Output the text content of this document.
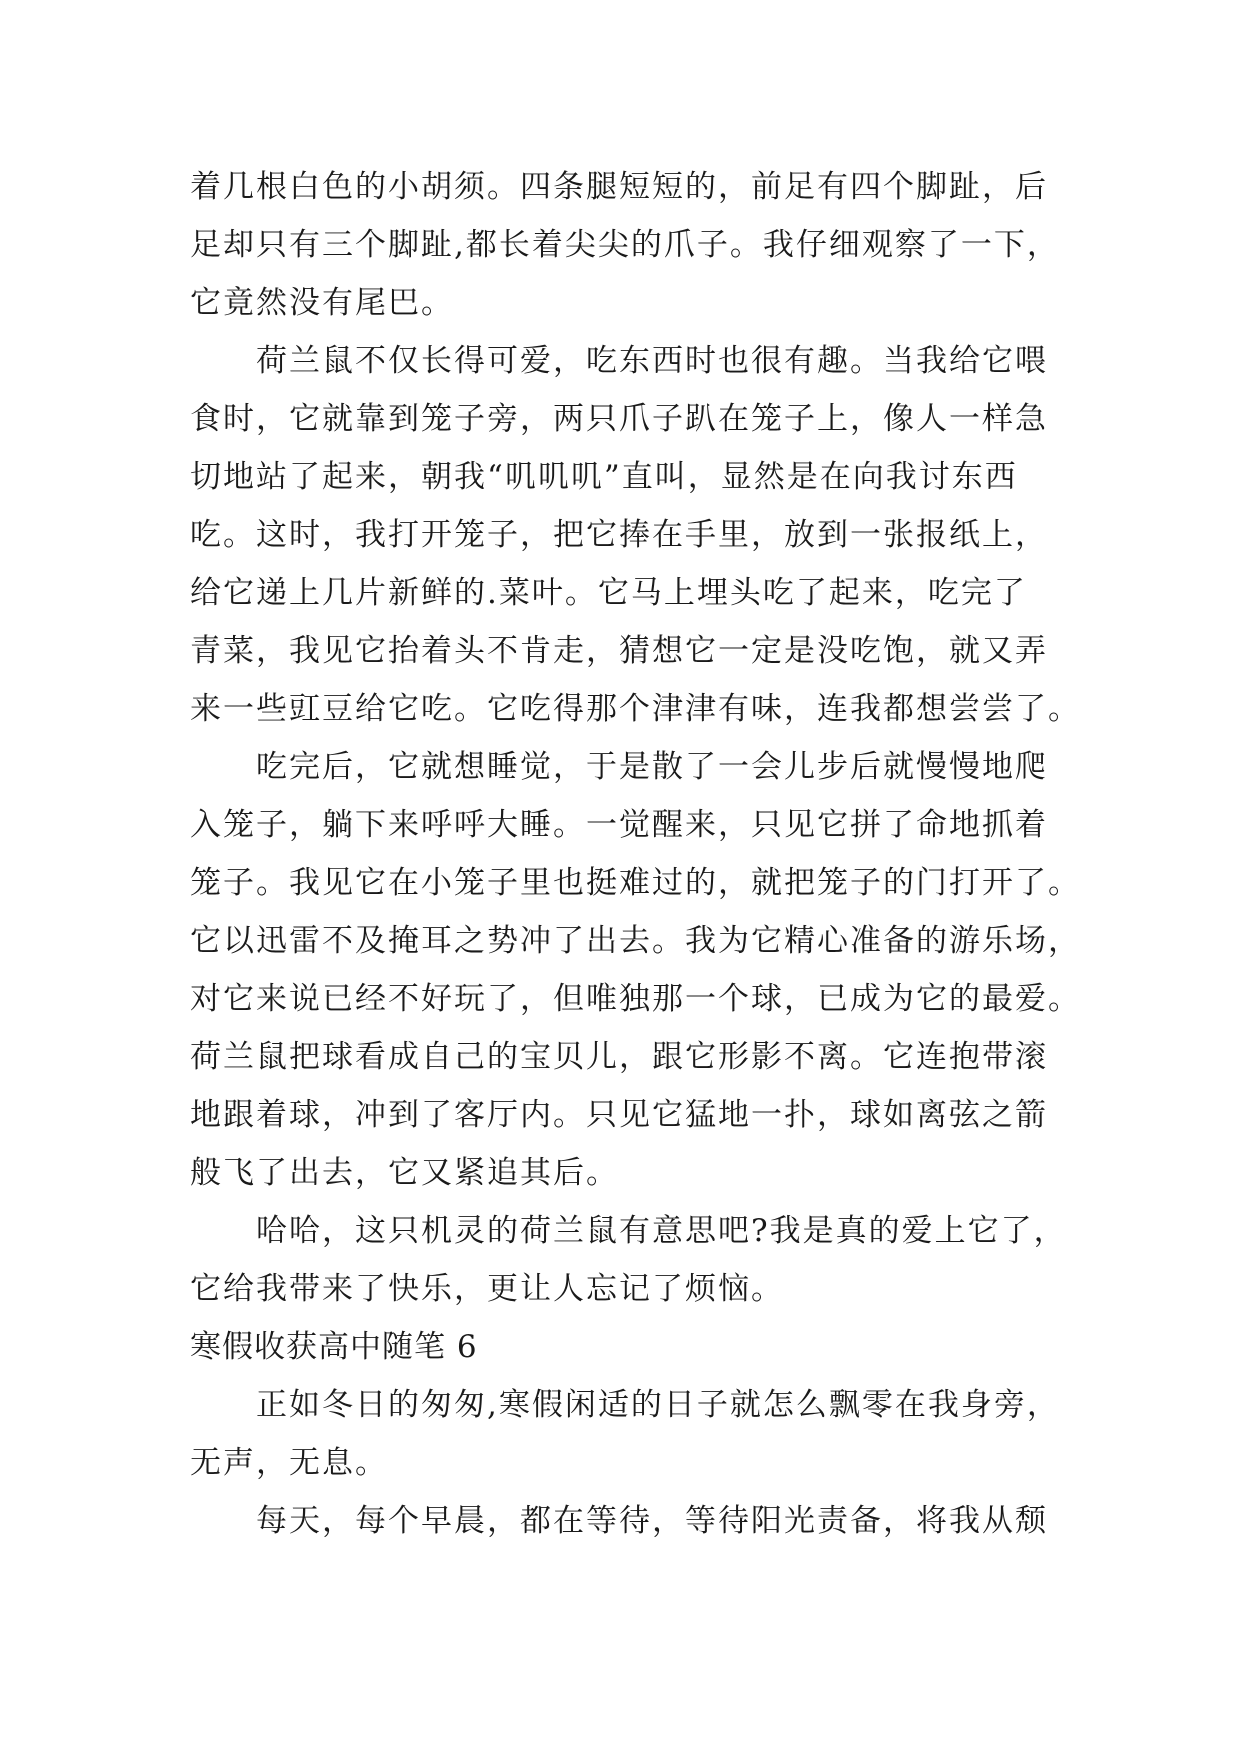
着几根白色的小胡须。四条腿短短的，前足有四个脚趾，后
足却只有三个脚趾,都长着尖尖的爪子。我仔细观察了一下，
它竟然没有尾巴。
荷兰鼠不仅长得可爱，吃东西时也很有趣。当我给它喂
食时，它就靠到笼子旁，两只爪子趴在笼子上，像人一样急
切地站了起来，朝我“叽叽叽”直叫，显然是在向我讨东西
吃。这时，我打开笼子，把它捧在手里，放到一张报纸上，
给它递上几片新鲜的.菜叶。它马上埋头吃了起来，吃完了
青菜，我见它抬着头不肯走，猜想它一定是没吃饱，就又弄
来一些豇豆给它吃。它吃得那个津津有味，连我都想尝尝了。
吃完后，它就想睡觉，于是散了一会儿步后就慢慢地爬
入笼子，躺下来呼呼大睡。一觉醒来，只见它拼了命地抓着
笼子。我见它在小笼子里也挺难过的，就把笼子的门打开了。
它以迅雷不及掩耳之势冲了出去。我为它精心准备的游乐场，
对它来说已经不好玩了，但唯独那一个球，已成为它的最爱。
荷兰鼠把球看成自己的宝贝儿，跟它形影不离。它连抱带滚
地跟着球，冲到了客厅内。只见它猛地一扑，球如离弦之箭
般飞了出去，它又紧追其后。
哈哈，这只机灵的荷兰鼠有意思吧?我是真的爱上它了，
它给我带来了快乐，更让人忘记了烦恼。
寒假收获高中随笔 6
正如冬日的匆匆,寒假闲适的日子就怎么飘零在我身旁，
无声，无息。
每天，每个早晨，都在等待，等待阳光责备，将我从颓
